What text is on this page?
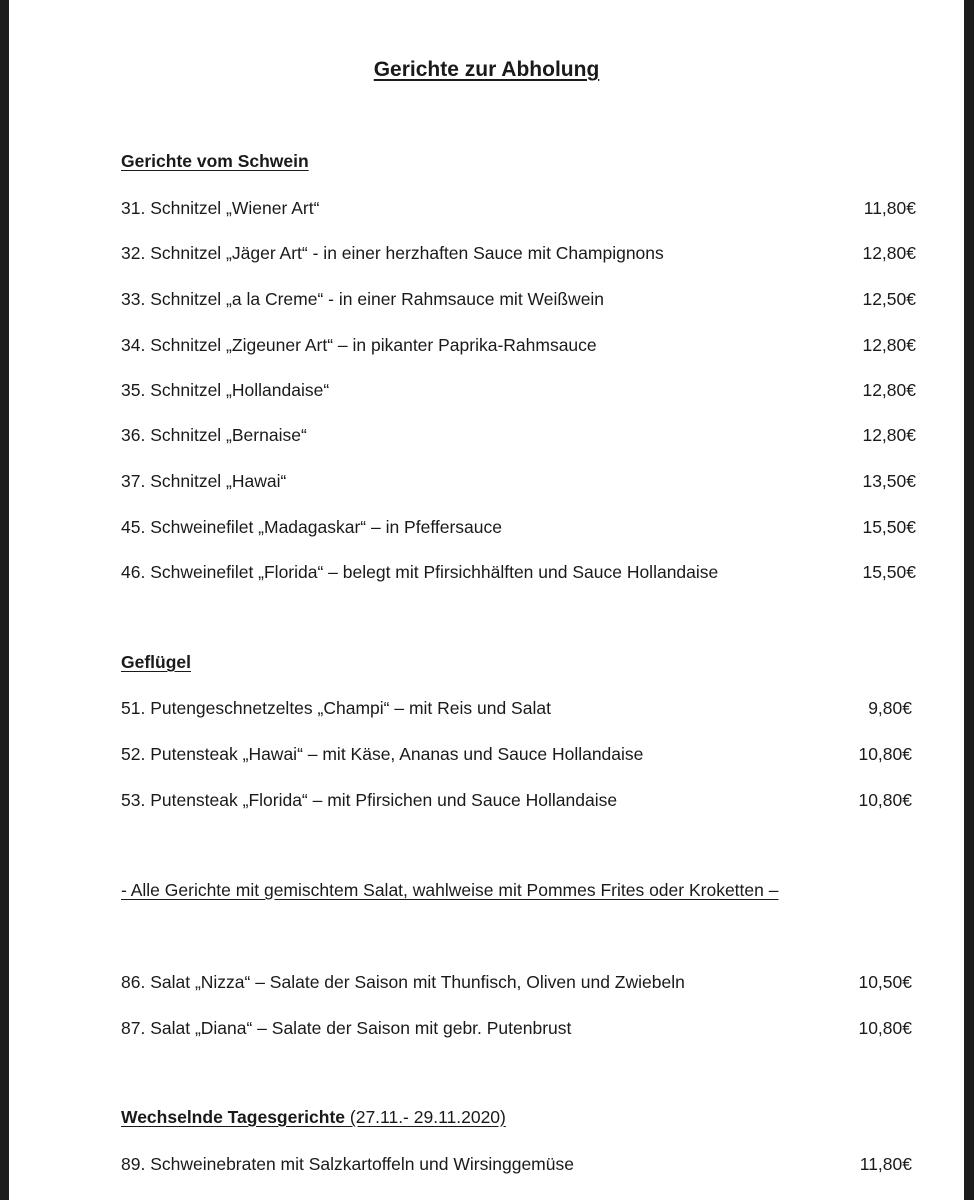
Gerichte zur Abholung
Gerichte vom Schwein
31. Schnitzel „Wiener Art“	11,80€
32. Schnitzel „Jäger Art“ - in einer herzhaften Sauce mit Champignons	12,80€
33. Schnitzel „a la Creme“ - in einer Rahmsauce mit Weißwein	12,50€
34. Schnitzel „Zigeuner Art“ – in pikanter Paprika-Rahmsauce	12,80€
35. Schnitzel „Hollandaise“	12,80€
36. Schnitzel „Bernaise“	12,80€
37. Schnitzel „Hawai“	13,50€
45. Schweinefilet „Madagaskar“ – in Pfeffersauce	15,50€
46. Schweinefilet „Florida“ – belegt mit Pfirsichhälften und Sauce Hollandaise	15,50€
Geflügel
51. Putengeschnetzeltes „Champi“ – mit Reis und Salat	9,80€
52. Putensteak „Hawai“ – mit Käse, Ananas und Sauce Hollandaise	10,80€
53. Putensteak „Florida“ – mit Pfirsichen und Sauce Hollandaise	10,80€

- Alle Gerichte mit gemischtem Salat, wahlweise mit Pommes Frites oder Kroketten –

86. Salat „Nizza“ – Salate der Saison mit Thunfisch, Oliven und Zwiebeln	10,50€
87. Salat „Diana“ – Salate der Saison mit gebr. Putenbrust	10,80€
Wechselnde Tagesgerichte (27.11.- 29.11.2020)
89. Schweinebraten mit Salzkartoffeln und Wirsinggemüse	11,80€
